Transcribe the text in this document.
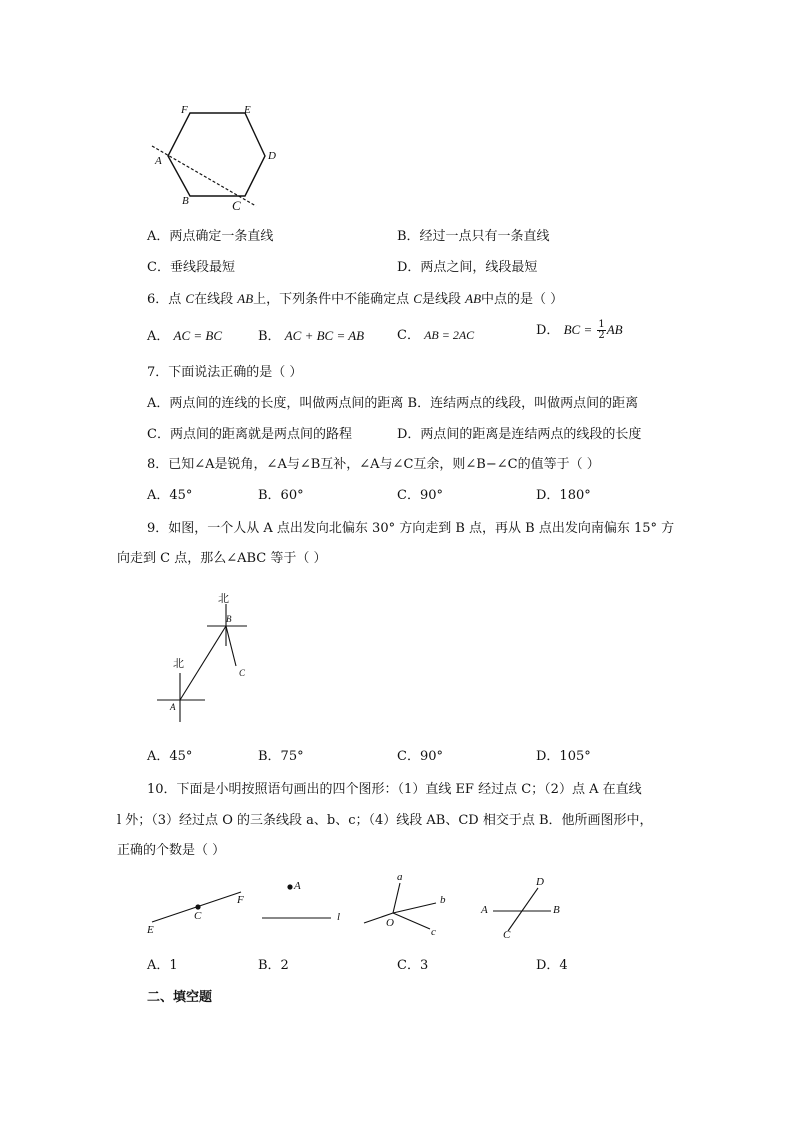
F	E
A	D
B	C
A．两点确定一条直线	B．经过一点只有一条直线
C．垂线段最短	D．两点之间，线段最短
6．点 C在线段 AB上，下列条件中不能确定点 C是线段 AB中点的是（ ）
A． AC = BC	B． AC + BC = AB	C． AB = 2AC	D． BC = $\frac{1}{2}$ AB
7．下面说法正确的是（ ）
A．两点间的连线的长度，叫做两点间的距离 B．连结两点的线段，叫做两点间的距离
C．两点间的距离就是两点间的路程	D．两点间的距离是连结两点的线段的长度
8．已知∠A是锐角，∠A与∠B互补，∠A与∠C互余，则∠B−∠C的值等于（ ）
A．45°	B．60°	C．90°	D．180°
9．如图，一个人从 A 点出发向北偏东 30° 方向走到 B 点，再从 B 点出发向南偏东 15° 方
向走到 C 点，那么∠ABC 等于（ ）
北
北
B
C
A
A．45°	B．75°	C．90°	D．105°
10．下面是小明按照语句画出的四个图形：（1）直线 EF 经过点 C；（2）点 A 在直线
l 外；（3）经过点 O 的三条线段 a、b、c；（4）线段 AB、CD 相交于点 B．他所画图形中，
正确的个数是（ ）
E
C
F
A
l
a
b
O
c
D
A	B
C
A．1	B．2	C．3	D．4
二、填空题
